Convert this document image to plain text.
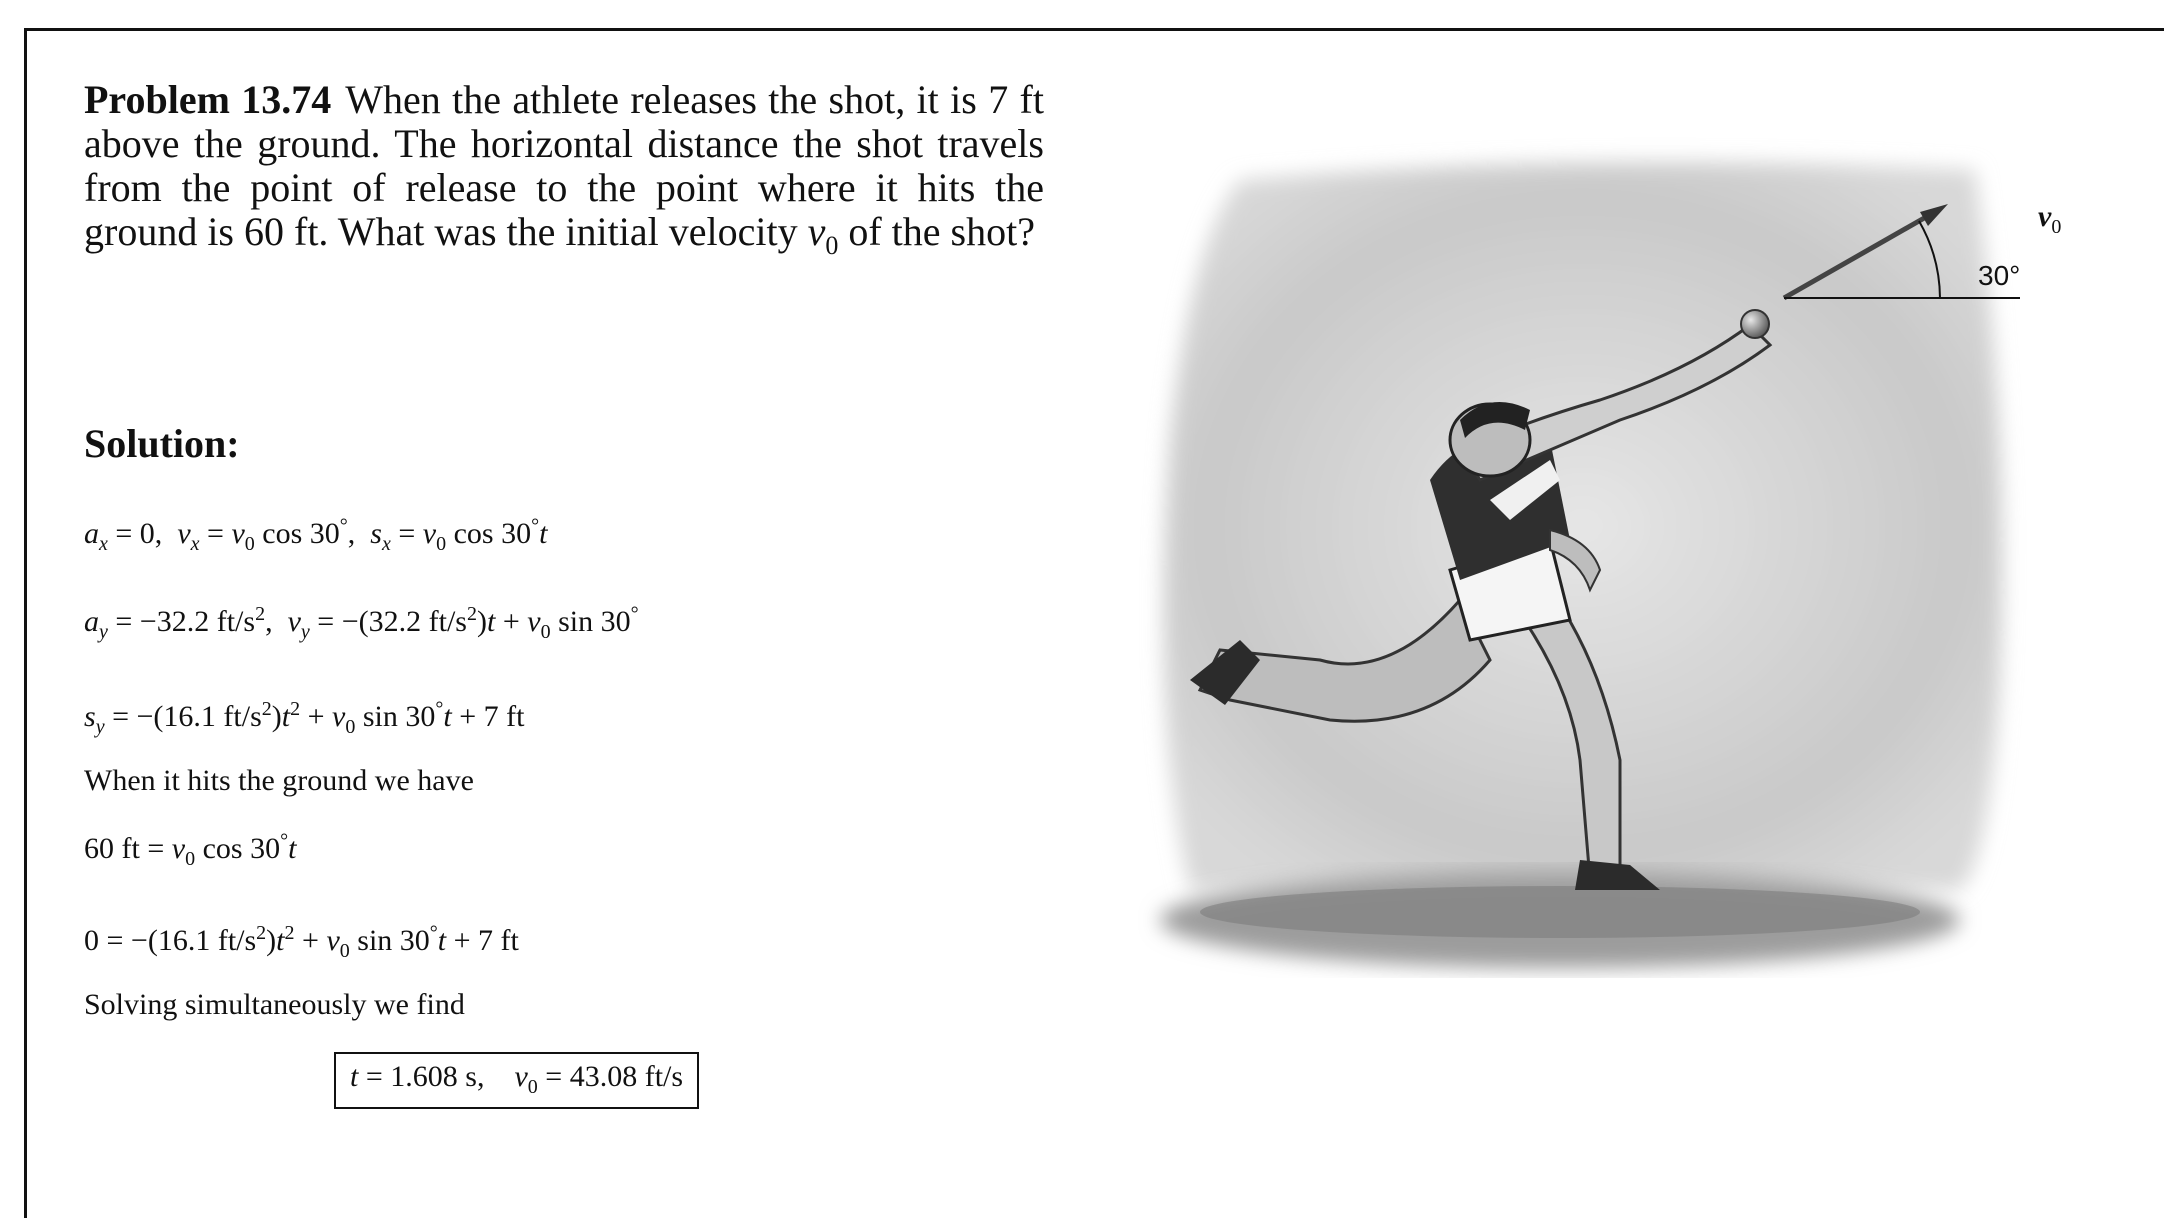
Problem 13.74 When the athlete releases the shot, it is 7 ft above the ground. The horizontal distance the shot travels from the point of release to the point where it hits the ground is 60 ft. What was the initial velocity $v_0$ of the shot?
Solution:
$a_x = 0$,  $v_x = v_0$ cos 30°,  $s_x = v_0$ cos 30°t
$a_y = -32.2$ $ft/s^2$,  $v_y = -(32.2$ $ft/s^2)t + v_0$ sin 30°
$s_y = -(16.1$ $ft/s^2)t^2 + v_0$ sin 30°t + 7 ft
When it hits the ground we have
60 ft = $v_0$ cos 30°t
0 = −(16.1 $ft/s^2)t^2 + v_0$ sin 30°t + 7 ft
Solving simultaneously we find
t = 1.608 s, $v_0 = 43.08$ ft/s
$v_0$
30°
